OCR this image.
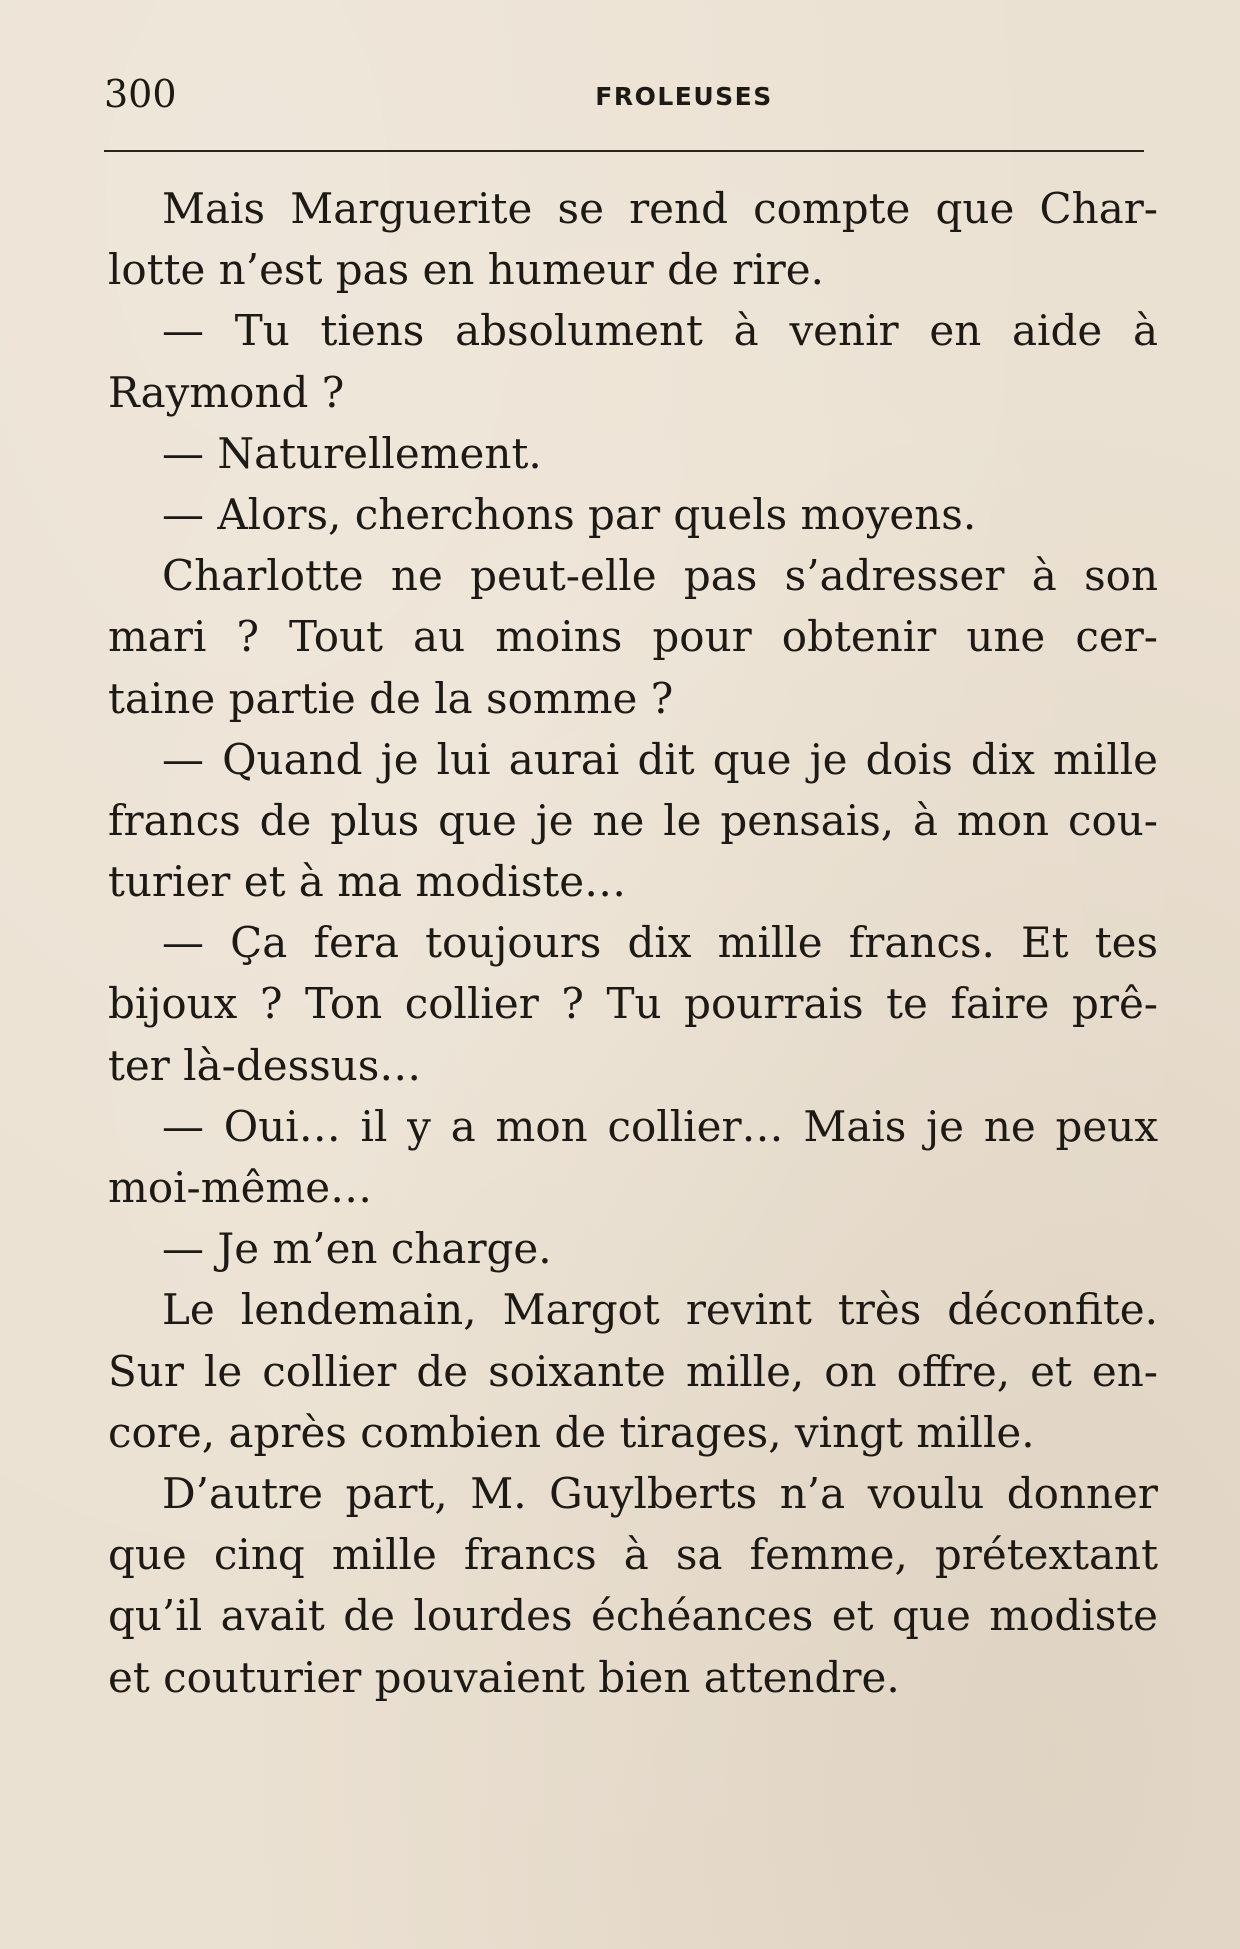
300	FROLEUSES
Mais Marguerite se rend compte que Char-
lotte n’est pas en humeur de rire.
— Tu tiens absolument à venir en aide à
Raymond ?
— Naturellement.
— Alors, cherchons par quels moyens.
Charlotte ne peut-elle pas s’adresser à son
mari ? Tout au moins pour obtenir une cer-
taine partie de la somme ?
— Quand je lui aurai dit que je dois dix mille
francs de plus que je ne le pensais, à mon cou-
turier et à ma modiste…
— Ça fera toujours dix mille francs. Et tes
bijoux ? Ton collier ? Tu pourrais te faire prê-
ter là-dessus…
— Oui… il y a mon collier… Mais je ne peux
moi-même…
— Je m’en charge.
Le lendemain, Margot revint très déconfite.
Sur le collier de soixante mille, on offre, et en-
core, après combien de tirages, vingt mille.
D’autre part, M. Guylberts n’a voulu donner
que cinq mille francs à sa femme, prétextant
qu’il avait de lourdes échéances et que modiste
et couturier pouvaient bien attendre.
